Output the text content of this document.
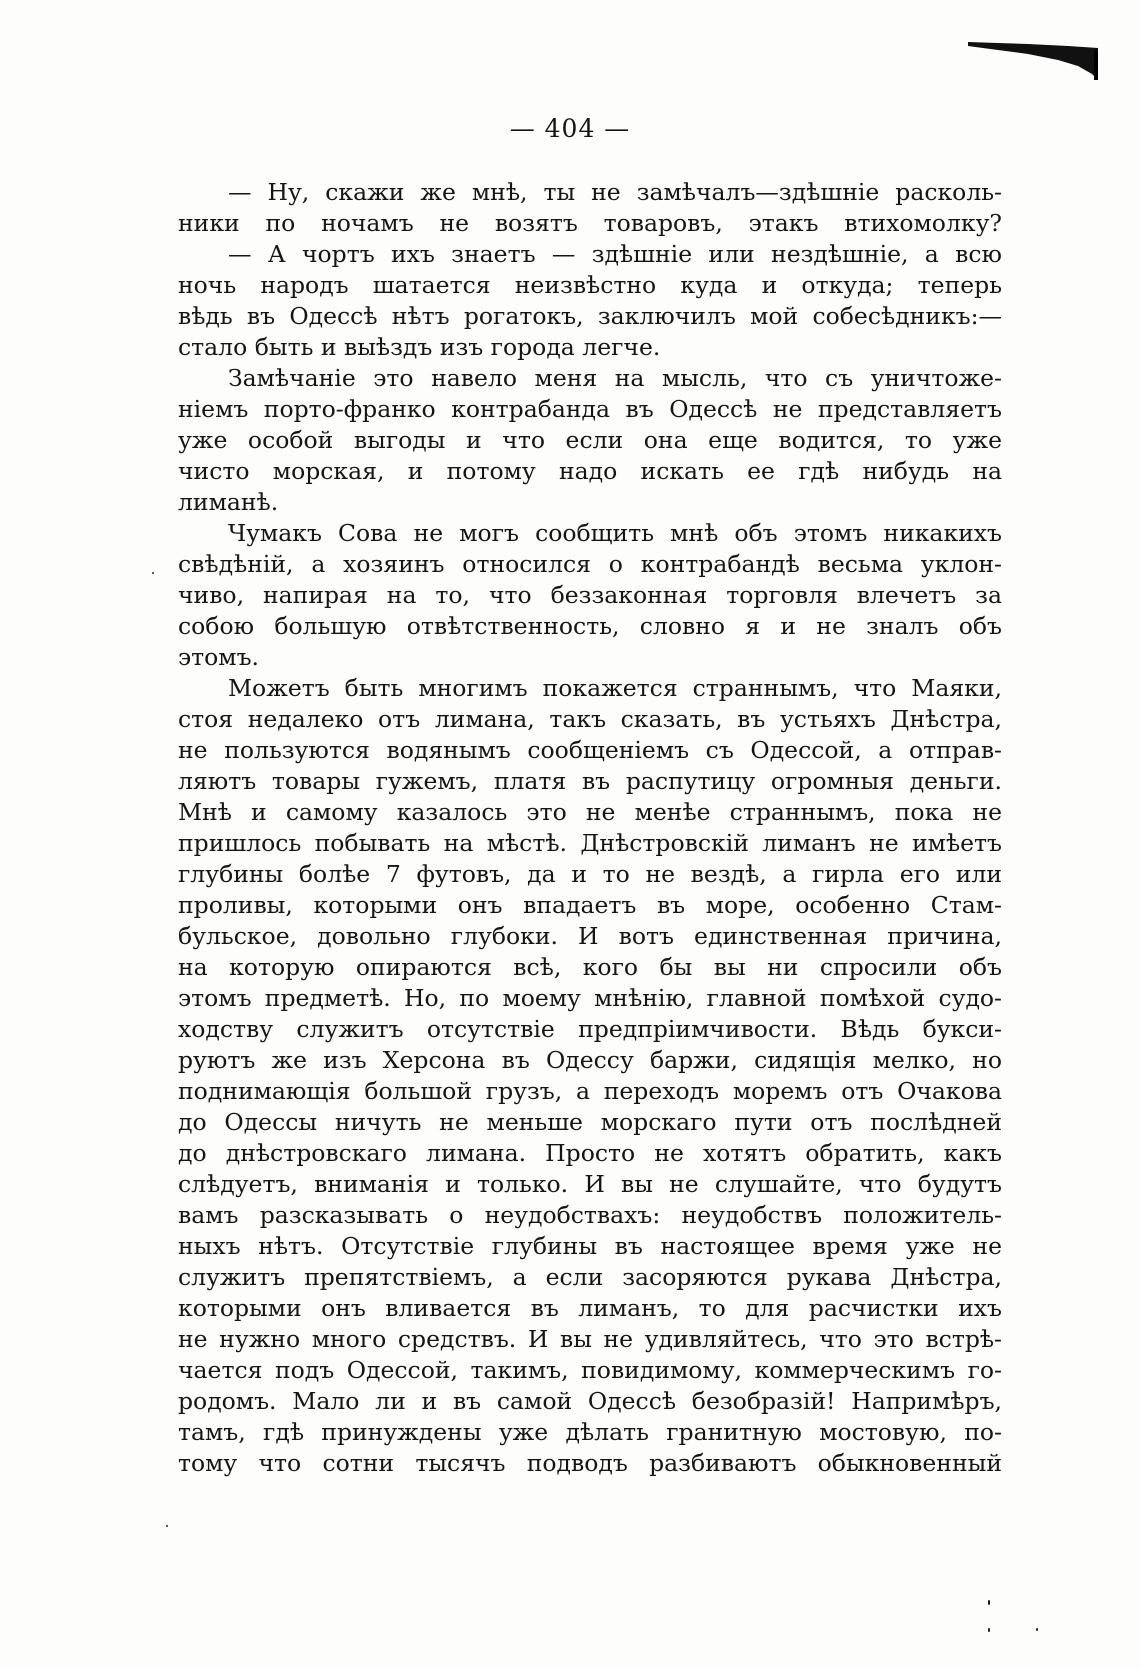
— 404 —
— Ну, скажи же мнѣ, ты не замѣчалъ—здѣшніе расколь-
ники по ночамъ не возятъ товаровъ, этакъ втихомолку?
— А чортъ ихъ знаетъ — здѣшніе или нездѣшніе, а всю
ночь народъ шатается неизвѣстно куда и откуда; теперь
вѣдь въ Одессѣ нѣтъ рогатокъ, заключилъ мой собесѣдникъ:—
стало быть и выѣздъ изъ города легче.
Замѣчаніе это навело меня на мысль, что съ уничтоже-
ніемъ порто-франко контрабанда въ Одессѣ не представляетъ
уже особой выгоды и что если она еще водится, то уже
чисто морская, и потому надо искать ее гдѣ нибудь на
лиманѣ.
Чумакъ Сова не могъ сообщить мнѣ объ этомъ никакихъ
свѣдѣній, а хозяинъ относился о контрабандѣ весьма уклон-
чиво, напирая на то, что беззаконная торговля влечетъ за
собою большую отвѣтственность, словно я и не зналъ объ
этомъ.
Можетъ быть многимъ покажется страннымъ, что Маяки,
стоя недалеко отъ лимана, такъ сказать, въ устьяхъ Днѣстра,
не пользуются водянымъ сообщеніемъ съ Одессой, а отправ-
ляютъ товары гужемъ, платя въ распутицу огромныя деньги.
Мнѣ и самому казалось это не менѣе страннымъ, пока не
пришлось побывать на мѣстѣ. Днѣстровскій лиманъ не имѣетъ
глубины болѣе 7 футовъ, да и то не вездѣ, а гирла его или
проливы, которыми онъ впадаетъ въ море, особенно Стам-
бульское, довольно глубоки. И вотъ единственная причина,
на которую опираются всѣ, кого бы вы ни спросили объ
этомъ предметѣ. Но, по моему мнѣнію, главной помѣхой судо-
ходству служитъ отсутствіе предпріимчивости. Вѣдь букси-
руютъ же изъ Херсона въ Одессу баржи, сидящія мелко, но
поднимающія большой грузъ, а переходъ моремъ отъ Очакова
до Одессы ничуть не меньше морскаго пути отъ послѣдней
до днѣстровскаго лимана. Просто не хотятъ обратить, какъ
слѣдуетъ, вниманія и только. И вы не слушайте, что будутъ
вамъ разсказывать о неудобствахъ: неудобствъ положитель-
ныхъ нѣтъ. Отсутствіе глубины въ настоящее время уже не
служитъ препятствіемъ, а если засоряются рукава Днѣстра,
которыми онъ вливается въ лиманъ, то для расчистки ихъ
не нужно много средствъ. И вы не удивляйтесь, что это встрѣ-
чается подъ Одессой, такимъ, повидимому, коммерческимъ го-
родомъ. Мало ли и въ самой Одессѣ безобразій! Напримѣръ,
тамъ, гдѣ принуждены уже дѣлать гранитную мостовую, по-
тому что сотни тысячъ подводъ разбиваютъ обыкновенный
